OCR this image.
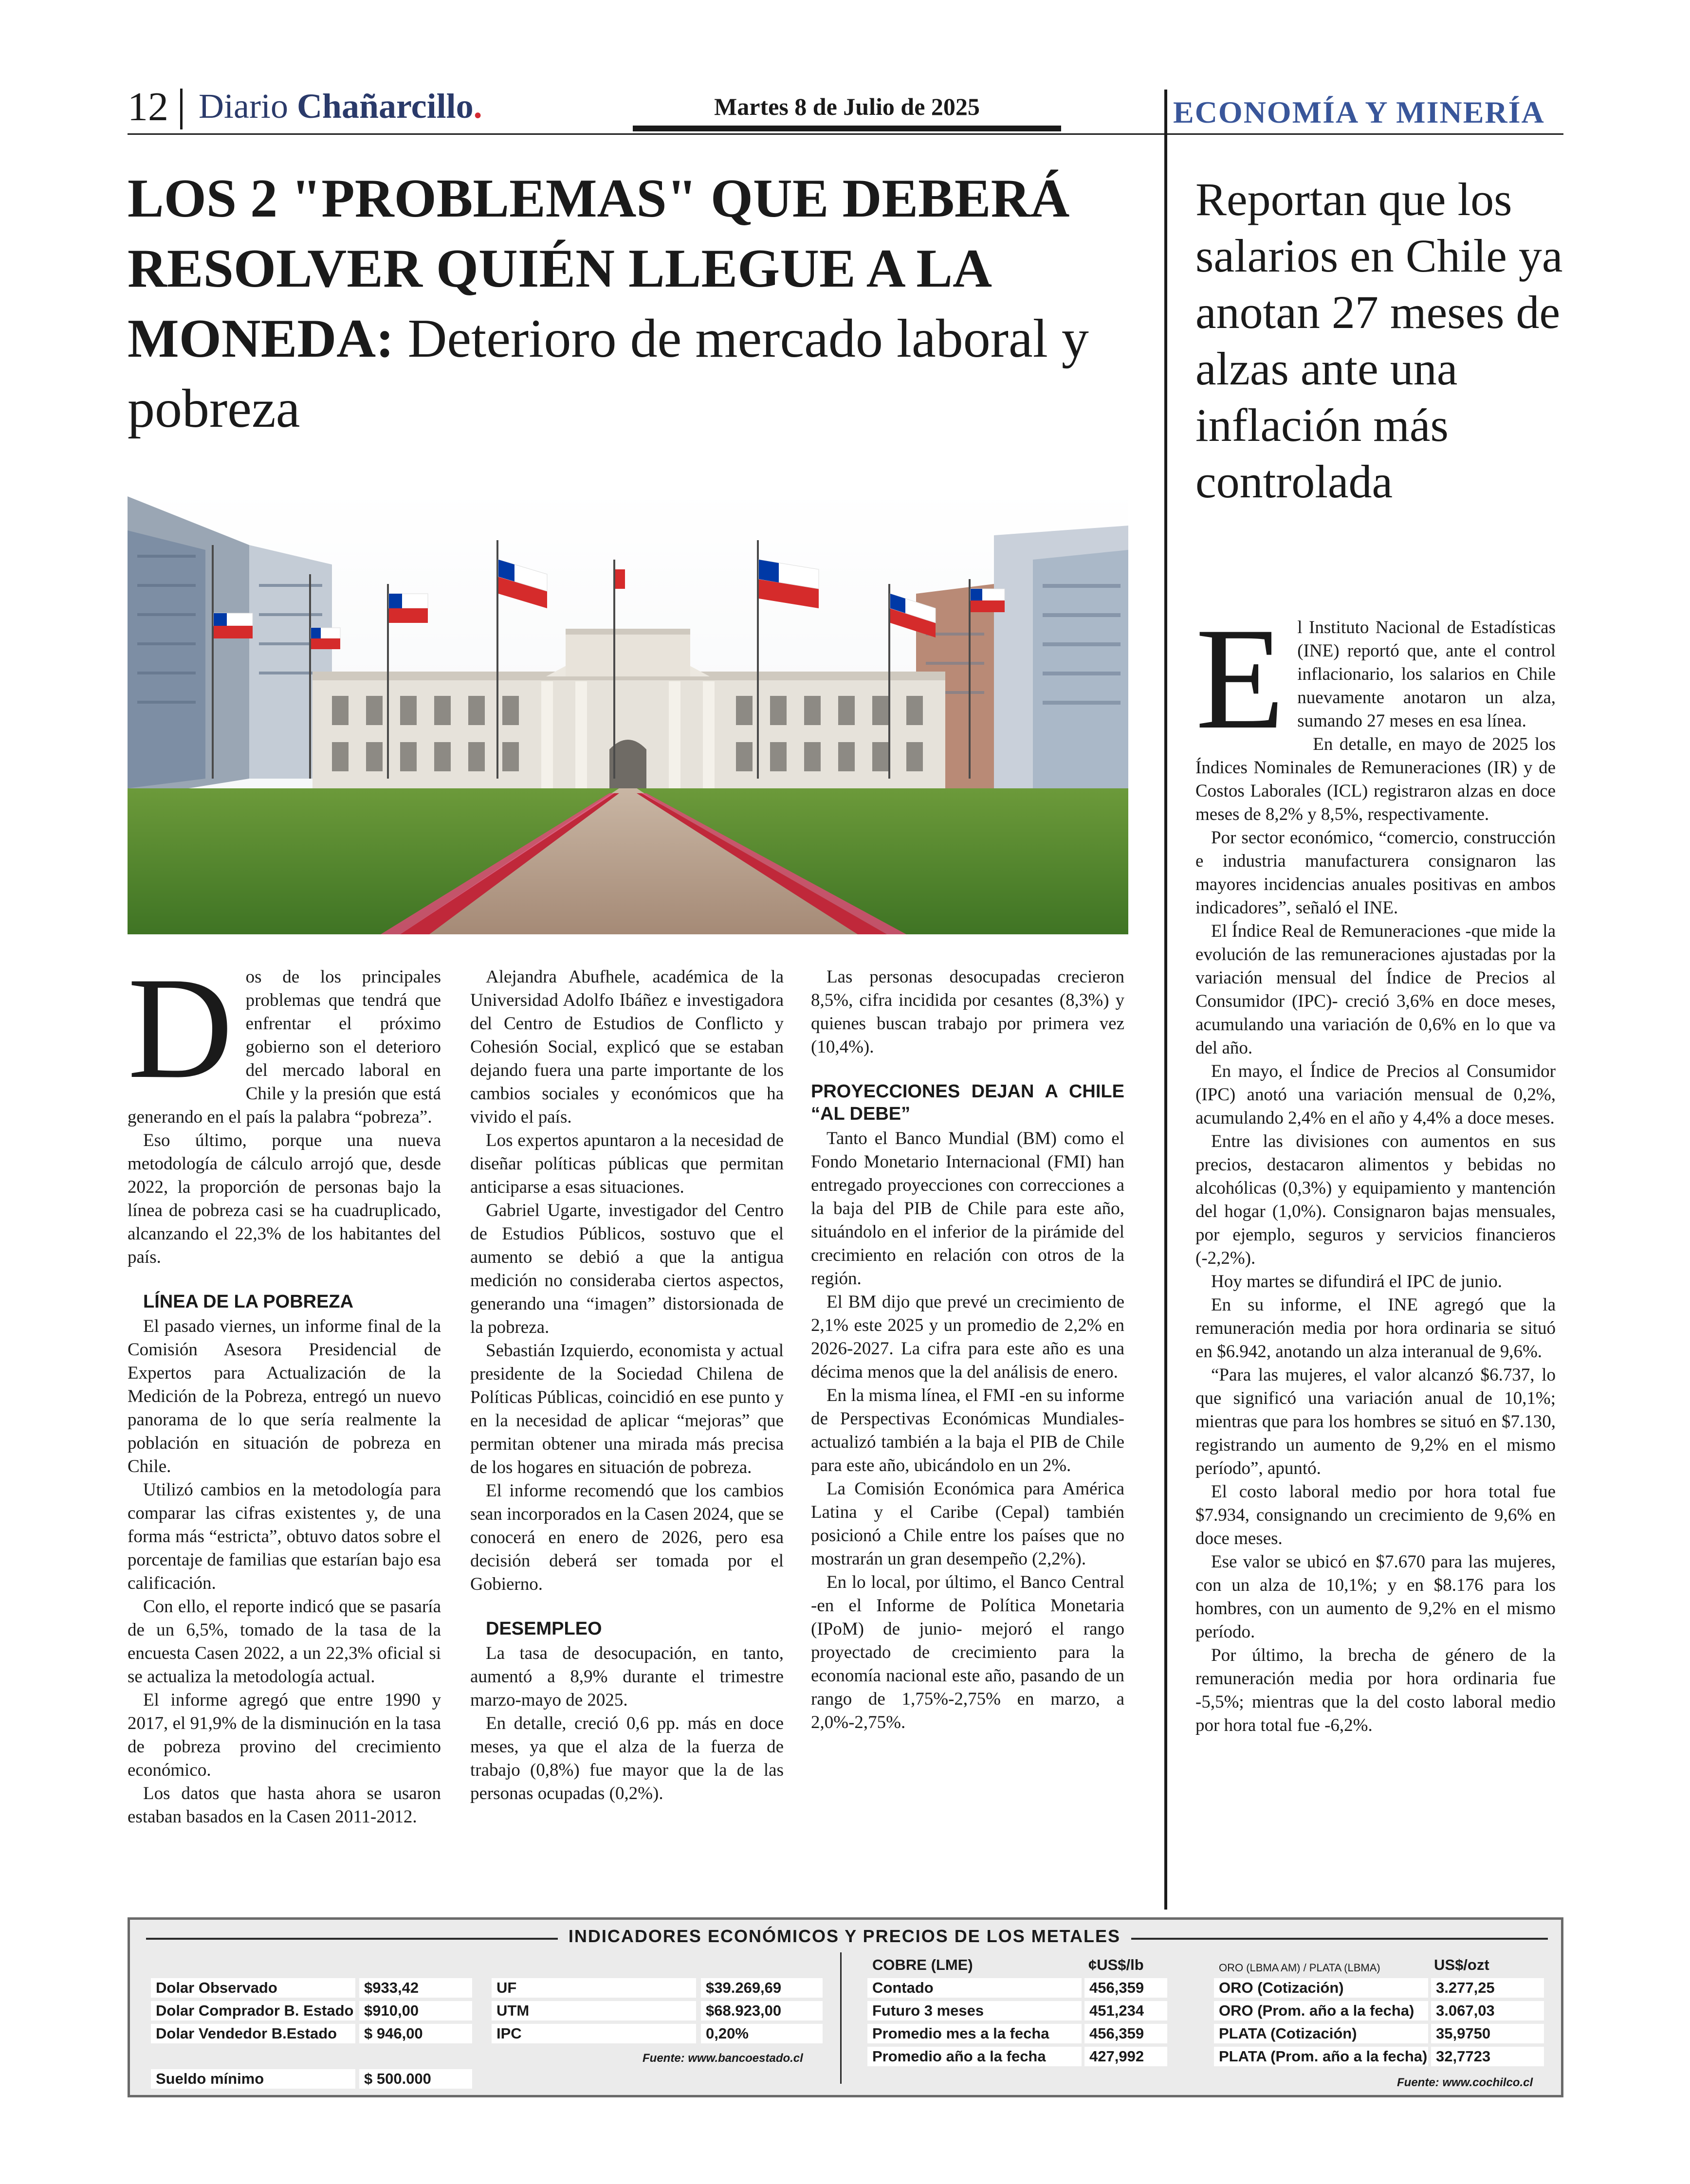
12 Diario Chañarcillo.	Martes 8 de Julio de 2025	ECONOMÍA Y MINERÍA
LOS 2 "PROBLEMAS" QUE DEBERÁ RESOLVER QUIÉN LLEGUE A LA MONEDA: Deterioro de mercado laboral y pobreza

Dos de los principales problemas que tendrá que enfrentar el próximo gobierno son el deterioro del mercado laboral en Chile y la presión que está generando en el país la palabra “pobreza”.

Eso último, porque una nueva metodología de cálculo arrojó que, desde 2022, la proporción de personas bajo la línea de pobreza casi se ha cuadruplicado, alcanzando el 22,3% de los habitantes del país.

LÍNEA DE LA POBREZA

El pasado viernes, un informe final de la Comisión Asesora Presidencial de Expertos para Actualización de la Medición de la Pobreza, entregó un nuevo panorama de lo que sería realmente la población en situación de pobreza en Chile.

Utilizó cambios en la metodología para comparar las cifras existentes y, de una forma más “estricta”, obtuvo datos sobre el porcentaje de familias que estarían bajo esa calificación.

Con ello, el reporte indicó que se pasaría de un 6,5%, tomado de la tasa de la encuesta Casen 2022, a un 22,3% oficial si se actualiza la metodología actual.

El informe agregó que entre 1990 y 2017, el 91,9% de la disminución en la tasa de pobreza provino del crecimiento económico.

Los datos que hasta ahora se usaron estaban basados en la Casen 2011-2012.

Alejandra Abufhele, académica de la Universidad Adolfo Ibáñez e investigadora del Centro de Estudios de Conflicto y Cohesión Social, explicó que se estaban dejando fuera una parte importante de los cambios sociales y económicos que ha vivido el país.

Los expertos apuntaron a la necesidad de diseñar políticas públicas que permitan anticiparse a esas situaciones.

Gabriel Ugarte, investigador del Centro de Estudios Públicos, sostuvo que el aumento se debió a que la antigua medición no consideraba ciertos aspectos, generando una “imagen” distorsionada de la pobreza.

Sebastián Izquierdo, economista y actual presidente de la Sociedad Chilena de Políticas Públicas, coincidió en ese punto y en la necesidad de aplicar “mejoras” que permitan obtener una mirada más precisa de los hogares en situación de pobreza.

El informe recomendó que los cambios sean incorporados en la Casen 2024, que se conocerá en enero de 2026, pero esa decisión deberá ser tomada por el Gobierno.

DESEMPLEO

La tasa de desocupación, en tanto, aumentó a 8,9% durante el trimestre marzo-mayo de 2025.

En detalle, creció 0,6 pp. más en doce meses, ya que el alza de la fuerza de trabajo (0,8%) fue mayor que la de las personas ocupadas (0,2%).

Las personas desocupadas crecieron 8,5%, cifra incidida por cesantes (8,3%) y quienes buscan trabajo por primera vez (10,4%).

PROYECCIONES DEJAN A CHILE “AL DEBE”

Tanto el Banco Mundial (BM) como el Fondo Monetario Internacional (FMI) han entregado proyecciones con correcciones a la baja del PIB de Chile para este año, situándolo en el inferior de la pirámide del crecimiento en relación con otros de la región.

El BM dijo que prevé un crecimiento de 2,1% este 2025 y un promedio de 2,2% en 2026-2027. La cifra para este año es una décima menos que la del análisis de enero.

En la misma línea, el FMI -en su informe de Perspectivas Económicas Mundiales- actualizó también a la baja el PIB de Chile para este año, ubicándolo en un 2%.

La Comisión Económica para América Latina y el Caribe (Cepal) también posicionó a Chile entre los países que no mostrarán un gran desempeño (2,2%).

En lo local, por último, el Banco Central -en el Informe de Política Monetaria (IPoM) de junio- mejoró el rango proyectado de crecimiento para la economía nacional este año, pasando de un rango de 1,75%-2,75% en marzo, a 2,0%-2,75%.

Reportan que los salarios en Chile ya anotan 27 meses de alzas ante una inflación más controlada

El Instituto Nacional de Estadísticas (INE) reportó que, ante el control inflacionario, los salarios en Chile nuevamente anotaron un alza, sumando 27 meses en esa línea.

En detalle, en mayo de 2025 los Índices Nominales de Remuneraciones (IR) y de Costos Laborales (ICL) registraron alzas en doce meses de 8,2% y 8,5%, respectivamente.

Por sector económico, “comercio, construcción e industria manufacturera consignaron las mayores incidencias anuales positivas en ambos indicadores”, señaló el INE.

El Índice Real de Remuneraciones -que mide la evolución de las remuneraciones ajustadas por la variación mensual del Índice de Precios al Consumidor (IPC)- creció 3,6% en doce meses, acumulando una variación de 0,6% en lo que va del año.

En mayo, el Índice de Precios al Consumidor (IPC) anotó una variación mensual de 0,2%, acumulando 2,4% en el año y 4,4% a doce meses.

Entre las divisiones con aumentos en sus precios, destacaron alimentos y bebidas no alcohólicas (0,3%) y equipamiento y mantención del hogar (1,0%). Consignaron bajas mensuales, por ejemplo, seguros y servicios financieros (-2,2%).

Hoy martes se difundirá el IPC de junio.

En su informe, el INE agregó que la remuneración media por hora ordinaria se situó en $6.942, anotando un alza interanual de 9,6%.

“Para las mujeres, el valor alcanzó $6.737, lo que significó una variación anual de 10,1%; mientras que para los hombres se situó en $7.130, registrando un aumento de 9,2% en el mismo período”, apuntó.

El costo laboral medio por hora total fue $7.934, consignando un crecimiento de 9,6% en doce meses.

Ese valor se ubicó en $7.670 para las mujeres, con un alza de 10,1%; y en $8.176 para los hombres, con un aumento de 9,2% en el mismo período.

Por último, la brecha de género de la remuneración media por hora ordinaria fue -5,5%; mientras que la del costo laboral medio por hora total fue -6,2%.

INDICADORES ECONÓMICOS Y PRECIOS DE LOS METALES
Dolar Observado	$933,42
Dolar Comprador B. Estado $910,00
Dolar Vendedor B.Estado	$ 946,00
Sueldo mínimo	$ 500.000
UF	$39.269,69
UTM	$68.923,00
IPC	0,20%
Fuente: www.bancoestado.cl
COBRE (LME)	¢US$/lb
Contado	456,359
Futuro 3 meses	451,234
Promedio mes a la fecha	456,359
Promedio año a la fecha	427,992
ORO (LBMA AM) / PLATA (LBMA)	US$/ozt
ORO (Cotización)	3.277,25
ORO (Prom. año a la fecha)	3.067,03
PLATA (Cotización)	35,9750
PLATA (Prom. año a la fecha) 32,7723
Fuente: www.cochilco.cl
